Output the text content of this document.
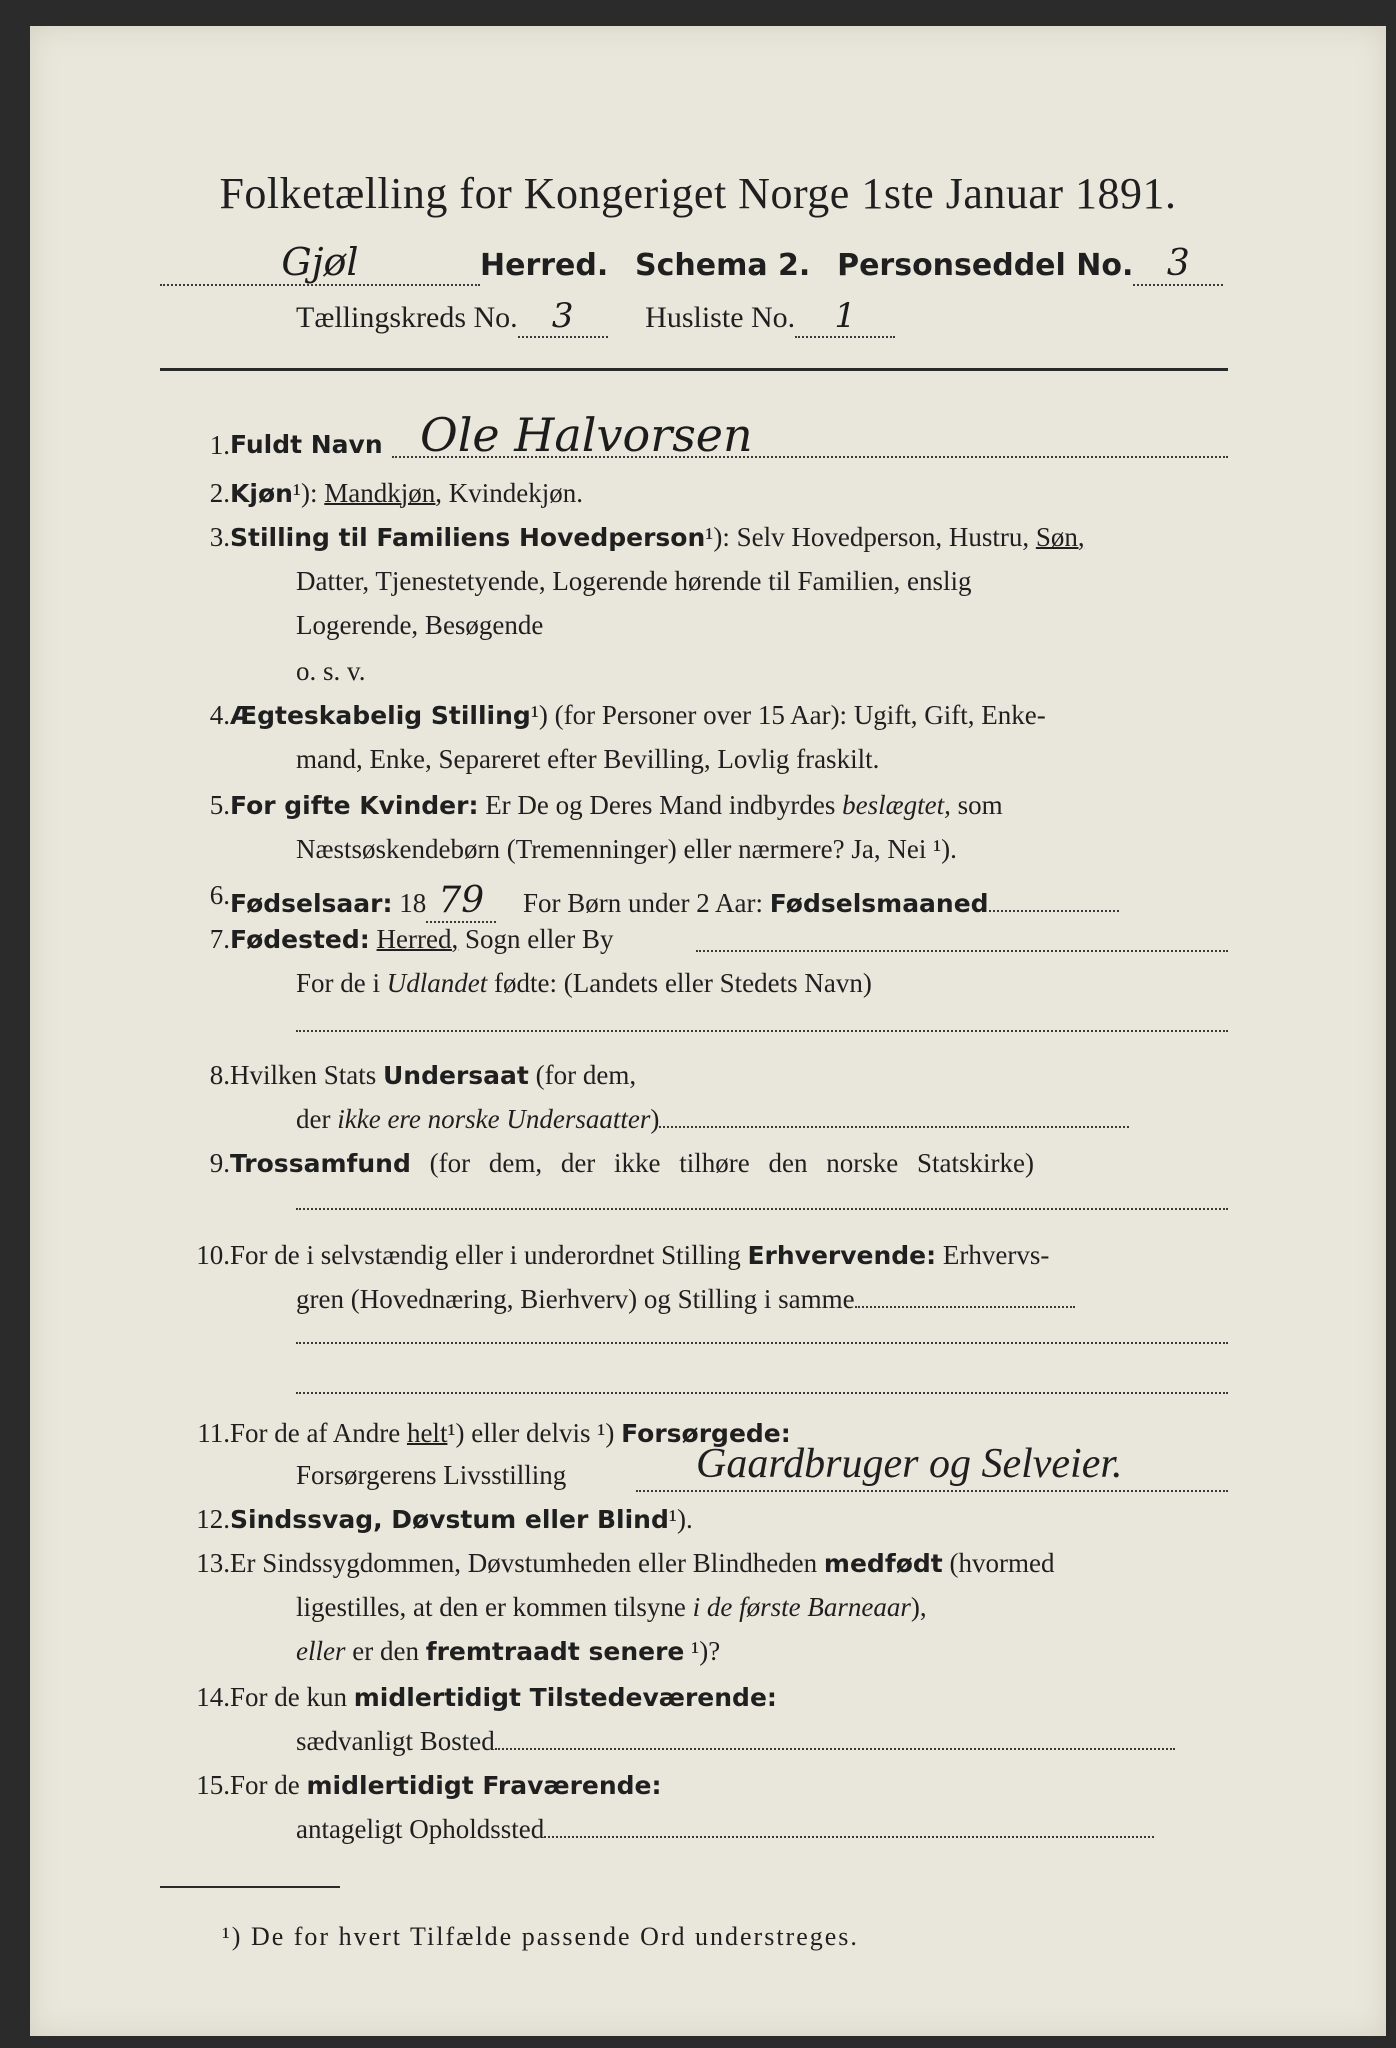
Folketælling for Kongeriget Norge 1ste Januar 1891.
Gjøl	Herred. Schema 2. Personseddel No. 3
Tællingskreds No. 3 Husliste No. 1
1. Fuldt Navn Ole Halvorsen
2. Kjøn¹): Mandkjøn, Kvindekjøn.
3. Stilling til Familiens Hovedperson¹): Selv Hovedperson, Hustru, Søn,
Datter, Tjenestetyende, Logerende hørende til Familien, enslig
Logerende, Besøgende
o. s. v.
4. Ægteskabelig Stilling¹) (for Personer over 15 Aar): Ugift, Gift, Enke-
mand, Enke, Separeret efter Bevilling, Lovlig fraskilt.
5. For gifte Kvinder: Er De og Deres Mand indbyrdes beslægtet, som
Næstsøskendebørn (Tremenninger) eller nærmere? Ja, Nei ¹).
6. Fødselsaar: 18 79 For Børn under 2 Aar: Fødselsmaaned
7. Fødested: Herred, Sogn eller By
For de i Udlandet fødte: (Landets eller Stedets Navn)
8. Hvilken Stats Undersaat (for dem,
der ikke ere norske Undersaatter)
9. Trossamfund (for dem, der ikke tilhøre den norske Statskirke)
10. For de i selvstændig eller i underordnet Stilling Erhvervende: Erhvervs-
gren (Hovednæring, Bierhverv) og Stilling i samme
11. For de af Andre helt¹) eller delvis ¹) Forsørgede:
Forsørgerens Livsstilling	Gaardbruger og Selveier.
12. Sindssvag, Døvstum eller Blind¹).
13. Er Sindssygdommen, Døvstumheden eller Blindheden medfødt (hvormed
ligestilles, at den er kommen tilsyne i de første Barneaar),
eller er den fremtraadt senere ¹)?
14. For de kun midlertidigt Tilstedeværende:
sædvanligt Bosted
15. For de midlertidigt Fraværende:
antageligt Opholdssted
¹) De for hvert Tilfælde passende Ord understreges.
